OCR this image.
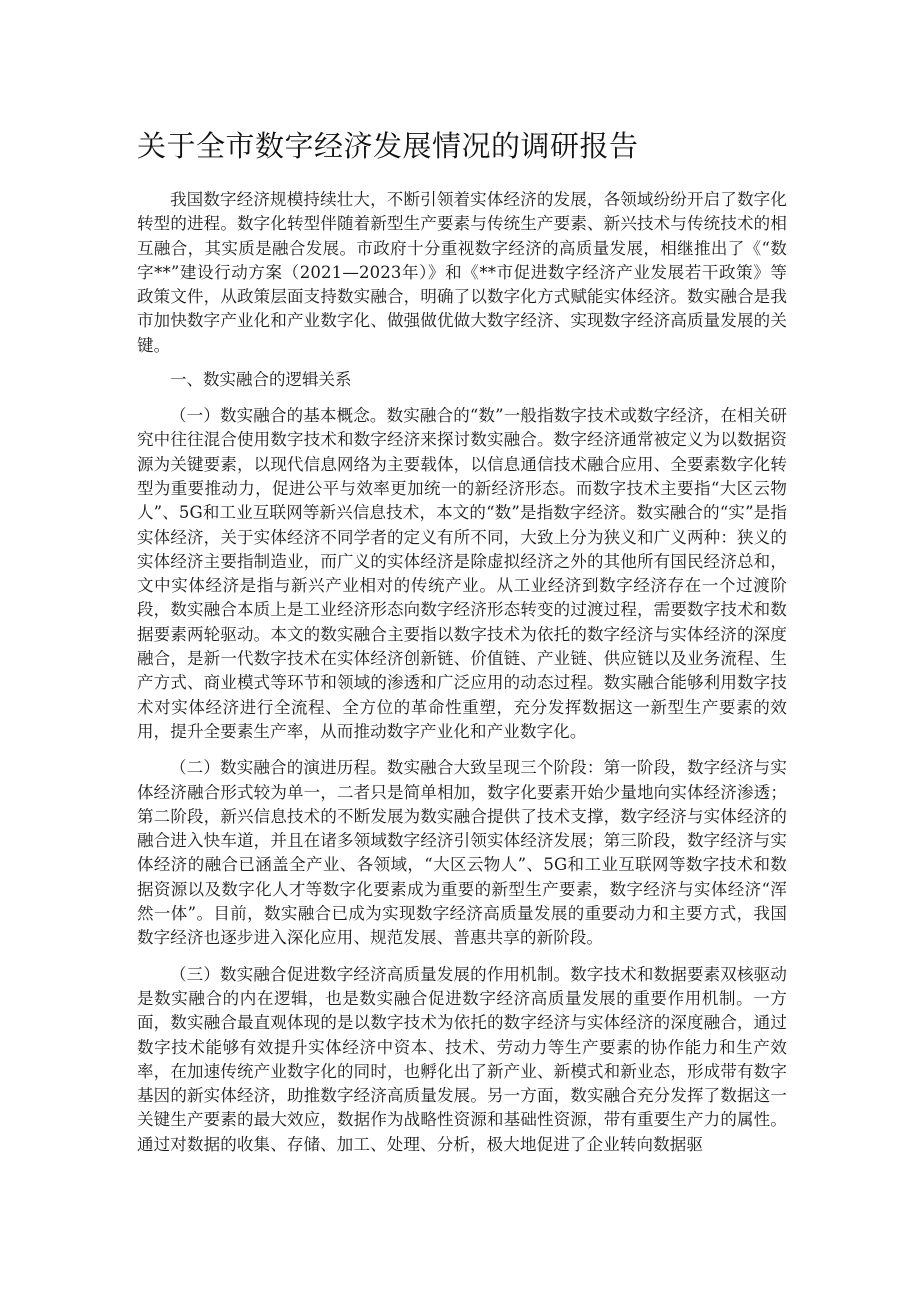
关于全市数字经济发展情况的调研报告

我国数字经济规模持续壮大，不断引领着实体经济的发展，各领域纷纷开启了数字化转型的进程。数字化转型伴随着新型生产要素与传统生产要素、新兴技术与传统技术的相互融合，其实质是融合发展。市政府十分重视数字经济的高质量发展，相继推出了《“数字**”建设行动方案（2021—2023年）》和《**市促进数字经济产业发展若干政策》等政策文件，从政策层面支持数实融合，明确了以数字化方式赋能实体经济。数实融合是我市加快数字产业化和产业数字化、做强做优做大数字经济、实现数字经济高质量发展的关键。

一、数实融合的逻辑关系

（一）数实融合的基本概念。数实融合的“数”一般指数字技术或数字经济，在相关研究中往往混合使用数字技术和数字经济来探讨数实融合。数字经济通常被定义为以数据资源为关键要素，以现代信息网络为主要载体，以信息通信技术融合应用、全要素数字化转型为重要推动力，促进公平与效率更加统一的新经济形态。而数字技术主要指“大区云物人”、5G和工业互联网等新兴信息技术，本文的“数”是指数字经济。数实融合的“实”是指实体经济，关于实体经济不同学者的定义有所不同，大致上分为狭义和广义两种：狭义的实体经济主要指制造业，而广义的实体经济是除虚拟经济之外的其他所有国民经济总和，文中实体经济是指与新兴产业相对的传统产业。从工业经济到数字经济存在一个过渡阶段，数实融合本质上是工业经济形态向数字经济形态转变的过渡过程，需要数字技术和数据要素两轮驱动。本文的数实融合主要指以数字技术为依托的数字经济与实体经济的深度融合，是新一代数字技术在实体经济创新链、价值链、产业链、供应链以及业务流程、生产方式、商业模式等环节和领域的渗透和广泛应用的动态过程。数实融合能够利用数字技术对实体经济进行全流程、全方位的革命性重塑，充分发挥数据这一新型生产要素的效用，提升全要素生产率，从而推动数字产业化和产业数字化。

（二）数实融合的演进历程。数实融合大致呈现三个阶段：第一阶段，数字经济与实体经济融合形式较为单一，二者只是简单相加，数字化要素开始少量地向实体经济渗透；第二阶段，新兴信息技术的不断发展为数实融合提供了技术支撑，数字经济与实体经济的融合进入快车道，并且在诸多领域数字经济引领实体经济发展；第三阶段，数字经济与实体经济的融合已涵盖全产业、各领域，“大区云物人”、5G和工业互联网等数字技术和数据资源以及数字化人才等数字化要素成为重要的新型生产要素，数字经济与实体经济“浑然一体”。目前，数实融合已成为实现数字经济高质量发展的重要动力和主要方式，我国数字经济也逐步进入深化应用、规范发展、普惠共享的新阶段。

（三）数实融合促进数字经济高质量发展的作用机制。数字技术和数据要素双核驱动是数实融合的内在逻辑，也是数实融合促进数字经济高质量发展的重要作用机制。一方面，数实融合最直观体现的是以数字技术为依托的数字经济与实体经济的深度融合，通过数字技术能够有效提升实体经济中资本、技术、劳动力等生产要素的协作能力和生产效率，在加速传统产业数字化的同时，也孵化出了新产业、新模式和新业态，形成带有数字基因的新实体经济，助推数字经济高质量发展。另一方面，数实融合充分发挥了数据这一关键生产要素的最大效应，数据作为战略性资源和基础性资源，带有重要生产力的属性。通过对数据的收集、存储、加工、处理、分析，极大地促进了企业转向数据驱
